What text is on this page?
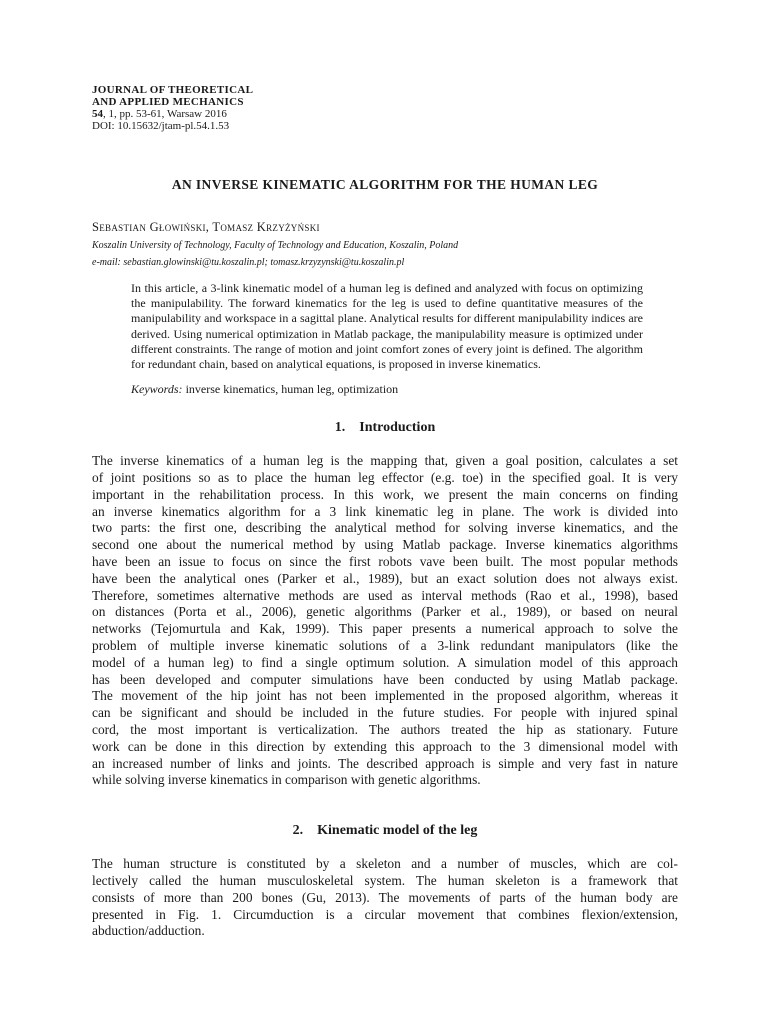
JOURNAL OF THEORETICAL
AND APPLIED MECHANICS
54, 1, pp. 53-61, Warsaw 2016
DOI: 10.15632/jtam-pl.54.1.53
AN INVERSE KINEMATIC ALGORITHM FOR THE HUMAN LEG
Sebastian Głowiński, Tomasz Krzyżyński
Koszalin University of Technology, Faculty of Technology and Education, Koszalin, Poland
e-mail: sebastian.glowinski@tu.koszalin.pl; tomasz.krzyzynski@tu.koszalin.pl
In this article, a 3-link kinematic model of a human leg is defined and analyzed with focus on optimizing the manipulability. The forward kinematics for the leg is used to define quantitative measures of the manipulability and workspace in a sagittal plane. Analytical results for different manipulability indices are derived. Using numerical optimization in Matlab package, the manipulability measure is optimized under different constraints. The range of motion and joint comfort zones of every joint is defined. The algorithm for redundant chain, based on analytical equations, is proposed in inverse kinematics.
Keywords: inverse kinematics, human leg, optimization
1. Introduction
The inverse kinematics of a human leg is the mapping that, given a goal position, calculates a set
of joint positions so as to place the human leg effector (e.g. toe) in the specified goal. It is very
important in the rehabilitation process. In this work, we present the main concerns on finding
an inverse kinematics algorithm for a 3 link kinematic leg in plane. The work is divided into
two parts: the first one, describing the analytical method for solving inverse kinematics, and the
second one about the numerical method by using Matlab package. Inverse kinematics algorithms
have been an issue to focus on since the first robots vave been built. The most popular methods
have been the analytical ones (Parker et al., 1989), but an exact solution does not always exist.
Therefore, sometimes alternative methods are used as interval methods (Rao et al., 1998), based
on distances (Porta et al., 2006), genetic algorithms (Parker et al., 1989), or based on neural
networks (Tejomurtula and Kak, 1999). This paper presents a numerical approach to solve the
problem of multiple inverse kinematic solutions of a 3-link redundant manipulators (like the
model of a human leg) to find a single optimum solution. A simulation model of this approach
has been developed and computer simulations have been conducted by using Matlab package.
The movement of the hip joint has not been implemented in the proposed algorithm, whereas it
can be significant and should be included in the future studies. For people with injured spinal
cord, the most important is verticalization. The authors treated the hip as stationary. Future
work can be done in this direction by extending this approach to the 3 dimensional model with
an increased number of links and joints. The described approach is simple and very fast in nature
while solving inverse kinematics in comparison with genetic algorithms.
2. Kinematic model of the leg
The human structure is constituted by a skeleton and a number of muscles, which are col-
lectively called the human musculoskeletal system. The human skeleton is a framework that
consists of more than 200 bones (Gu, 2013). The movements of parts of the human body are
presented in Fig. 1. Circumduction is a circular movement that combines flexion/extension,
abduction/adduction.
